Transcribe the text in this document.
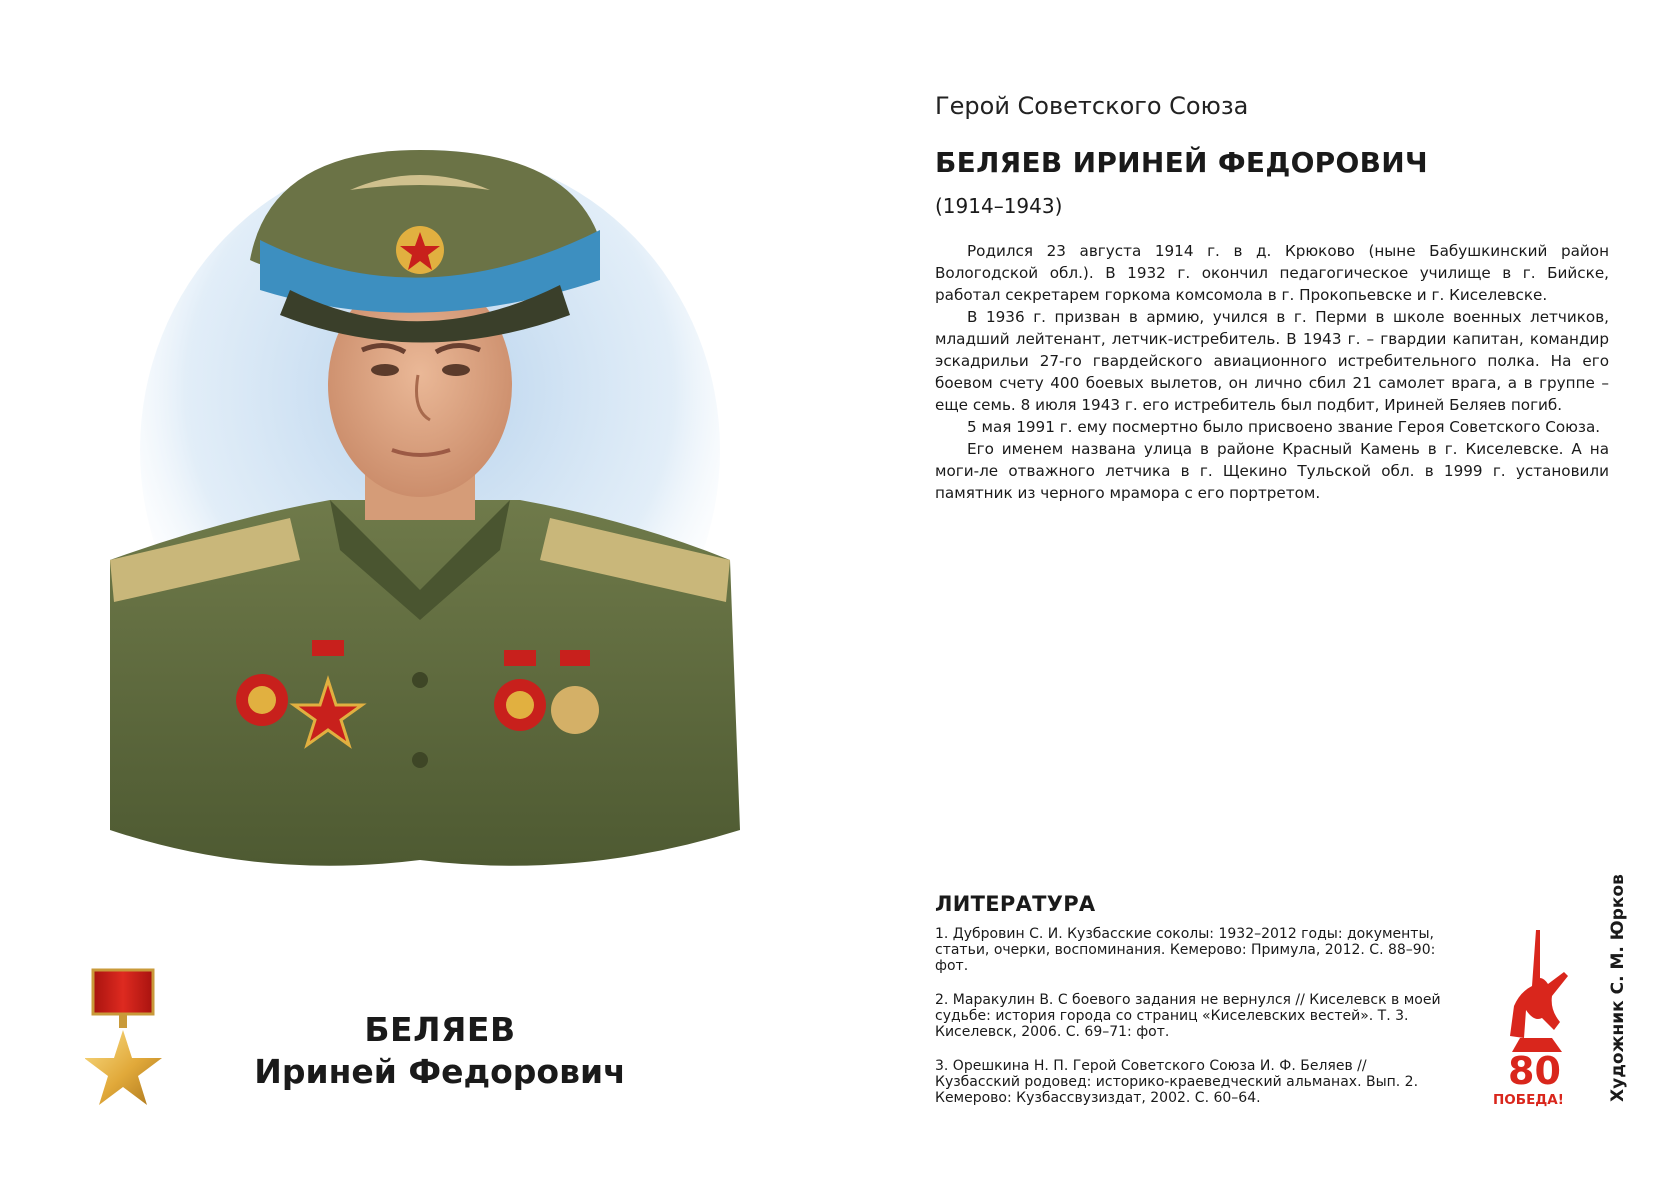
БЕЛЯЕВ
Ириней Федорович
Герой Советского Союза
БЕЛЯЕВ ИРИНЕЙ ФЕДОРОВИЧ
(1914–1943)

Родился 23 августа 1914 г. в д. Крюково (ныне Бабушкинский район Вологодской обл.). В 1932 г. окончил педагогическое училище в г. Бийске, работал секретарем горкома комсомола в г. Прокопьевске и г. Киселевске.

В 1936 г. призван в армию, учился в г. Перми в школе военных летчиков, младший лейтенант, летчик-истребитель. В 1943 г. – гвардии капитан, командир эскадрильи 27-го гвардейского авиационного истребительного полка. На его боевом счету 400 боевых вылетов, он лично сбил 21 самолет врага, а в группе – еще семь. 8 июля 1943 г. его истребитель был подбит, Ириней Беляев погиб.

5 мая 1991 г. ему посмертно было присвоено звание Героя Советского Союза.

Его именем названа улица в районе Красный Камень в г. Киселевске. А на моги-ле отважного летчика в г. Щекино Тульской обл. в 1999 г. установили памятник из черного мрамора с его портретом.

ЛИТЕРАТУРА

1. Дубровин С. И. Кузбасские соколы: 1932–2012 годы: документы, статьи, очерки, воспоминания. Кемерово: Примула, 2012. С. 88–90: фот.

2. Маракулин В. С боевого задания не вернулся // Киселевск в моей судьбе: история города со страниц «Киселевских вестей». Т. 3. Киселевск, 2006. С. 69–71: фот.

3. Орешкина Н. П. Герой Советского Союза И. Ф. Беляев // Кузбасский родовед: историко-краеведческий альманах. Вып. 2. Кемерово: Кузбассвузиздат, 2002. С. 60–64.

80
ПОБЕДА!	Художник С. М. Юрков
